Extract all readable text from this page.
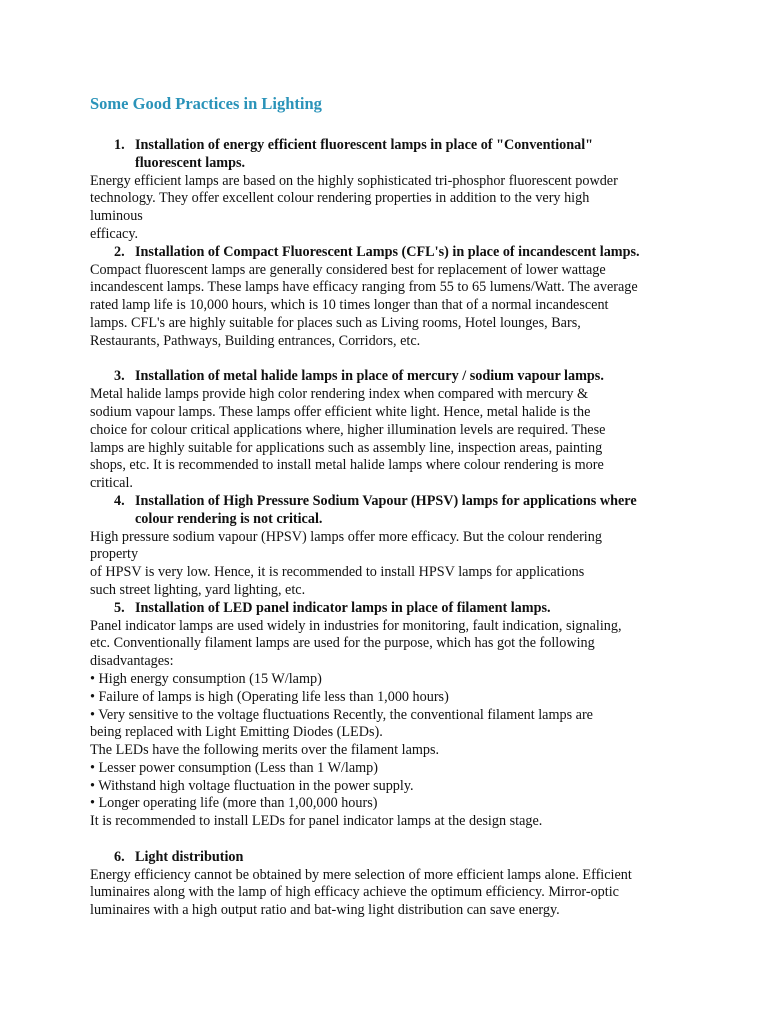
Some Good Practices in Lighting
1. Installation of energy efficient fluorescent lamps in place of "Conventional"
fluorescent lamps.
Energy efficient lamps are based on the highly sophisticated tri-phosphor fluorescent powder
technology. They offer excellent colour rendering properties in addition to the very high
luminous
efficacy.
2. Installation of Compact Fluorescent Lamps (CFL's) in place of incandescent lamps.
Compact fluorescent lamps are generally considered best for replacement of lower wattage
incandescent lamps. These lamps have efficacy ranging from 55 to 65 lumens/Watt. The average
rated lamp life is 10,000 hours, which is 10 times longer than that of a normal incandescent
lamps. CFL's are highly suitable for places such as Living rooms, Hotel lounges, Bars,
Restaurants, Pathways, Building entrances, Corridors, etc.
3. Installation of metal halide lamps in place of mercury / sodium vapour lamps.
Metal halide lamps provide high color rendering index when compared with mercury &
sodium vapour lamps. These lamps offer efficient white light. Hence, metal halide is the
choice for colour critical applications where, higher illumination levels are required. These
lamps are highly suitable for applications such as assembly line, inspection areas, painting
shops, etc. It is recommended to install metal halide lamps where colour rendering is more
critical.
4. Installation of High Pressure Sodium Vapour (HPSV) lamps for applications where
colour rendering is not critical.
High pressure sodium vapour (HPSV) lamps offer more efficacy. But the colour rendering
property
of HPSV is very low. Hence, it is recommended to install HPSV lamps for applications
such street lighting, yard lighting, etc.
5. Installation of LED panel indicator lamps in place of filament lamps.
Panel indicator lamps are used widely in industries for monitoring, fault indication, signaling,
etc. Conventionally filament lamps are used for the purpose, which has got the following
disadvantages:
• High energy consumption (15 W/lamp)
• Failure of lamps is high (Operating life less than 1,000 hours)
• Very sensitive to the voltage fluctuations Recently, the conventional filament lamps are
being replaced with Light Emitting Diodes (LEDs).
The LEDs have the following merits over the filament lamps.
• Lesser power consumption (Less than 1 W/lamp)
• Withstand high voltage fluctuation in the power supply.
• Longer operating life (more than 1,00,000 hours)
It is recommended to install LEDs for panel indicator lamps at the design stage.
6. Light distribution
Energy efficiency cannot be obtained by mere selection of more efficient lamps alone. Efficient
luminaires along with the lamp of high efficacy achieve the optimum efficiency. Mirror-optic
luminaires with a high output ratio and bat-wing light distribution can save energy.
